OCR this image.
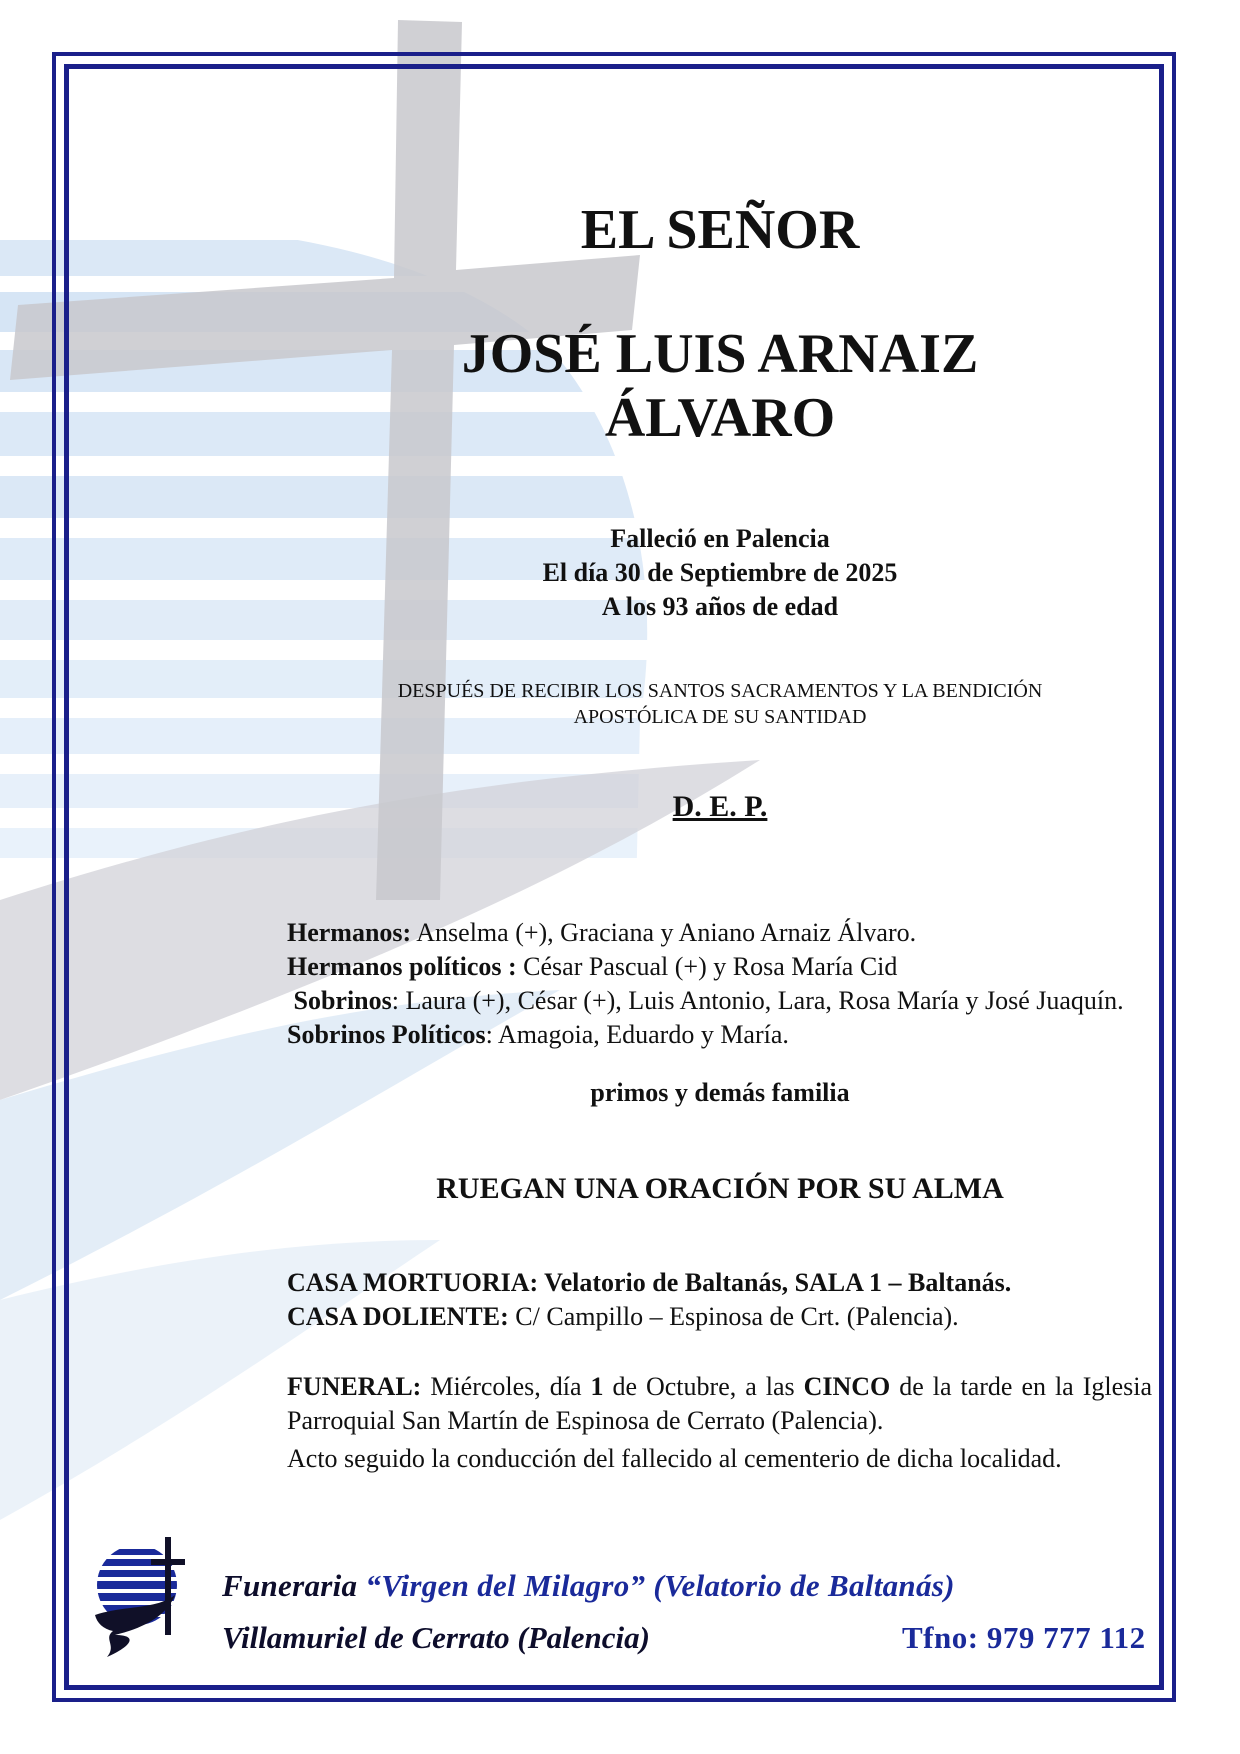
EL SEÑOR
JOSÉ LUIS ARNAIZ
ÁLVARO
Falleció en Palencia
El día 30 de Septiembre de 2025
A los 93 años de edad
DESPUÉS DE RECIBIR LOS SANTOS SACRAMENTOS Y LA BENDICIÓN
APOSTÓLICA DE SU SANTIDAD
D. E. P.
Hermanos: Anselma (+), Graciana y Aniano Arnaiz Álvaro.
Hermanos políticos : César Pascual (+) y Rosa María Cid
Sobrinos: Laura (+), César (+), Luis Antonio, Lara, Rosa María y José Juaquín.  Sobrinos Políticos: Amagoia, Eduardo y María.
primos y demás familia
RUEGAN UNA ORACIÓN POR SU ALMA
CASA MORTUORIA: Velatorio de Baltanás, SALA 1 – Baltanás.
CASA DOLIENTE: C/ Campillo – Espinosa de Crt. (Palencia).
FUNERAL: Miércoles, día 1 de Octubre, a las CINCO de la tarde en la Iglesia Parroquial San Martín de Espinosa de Cerrato (Palencia).
Acto seguido la conducción del fallecido al cementerio de dicha localidad.
Funeraria “Virgen del Milagro” (Velatorio de Baltanás)
Villamuriel de Cerrato (Palencia)	Tfno: 979 777 112
